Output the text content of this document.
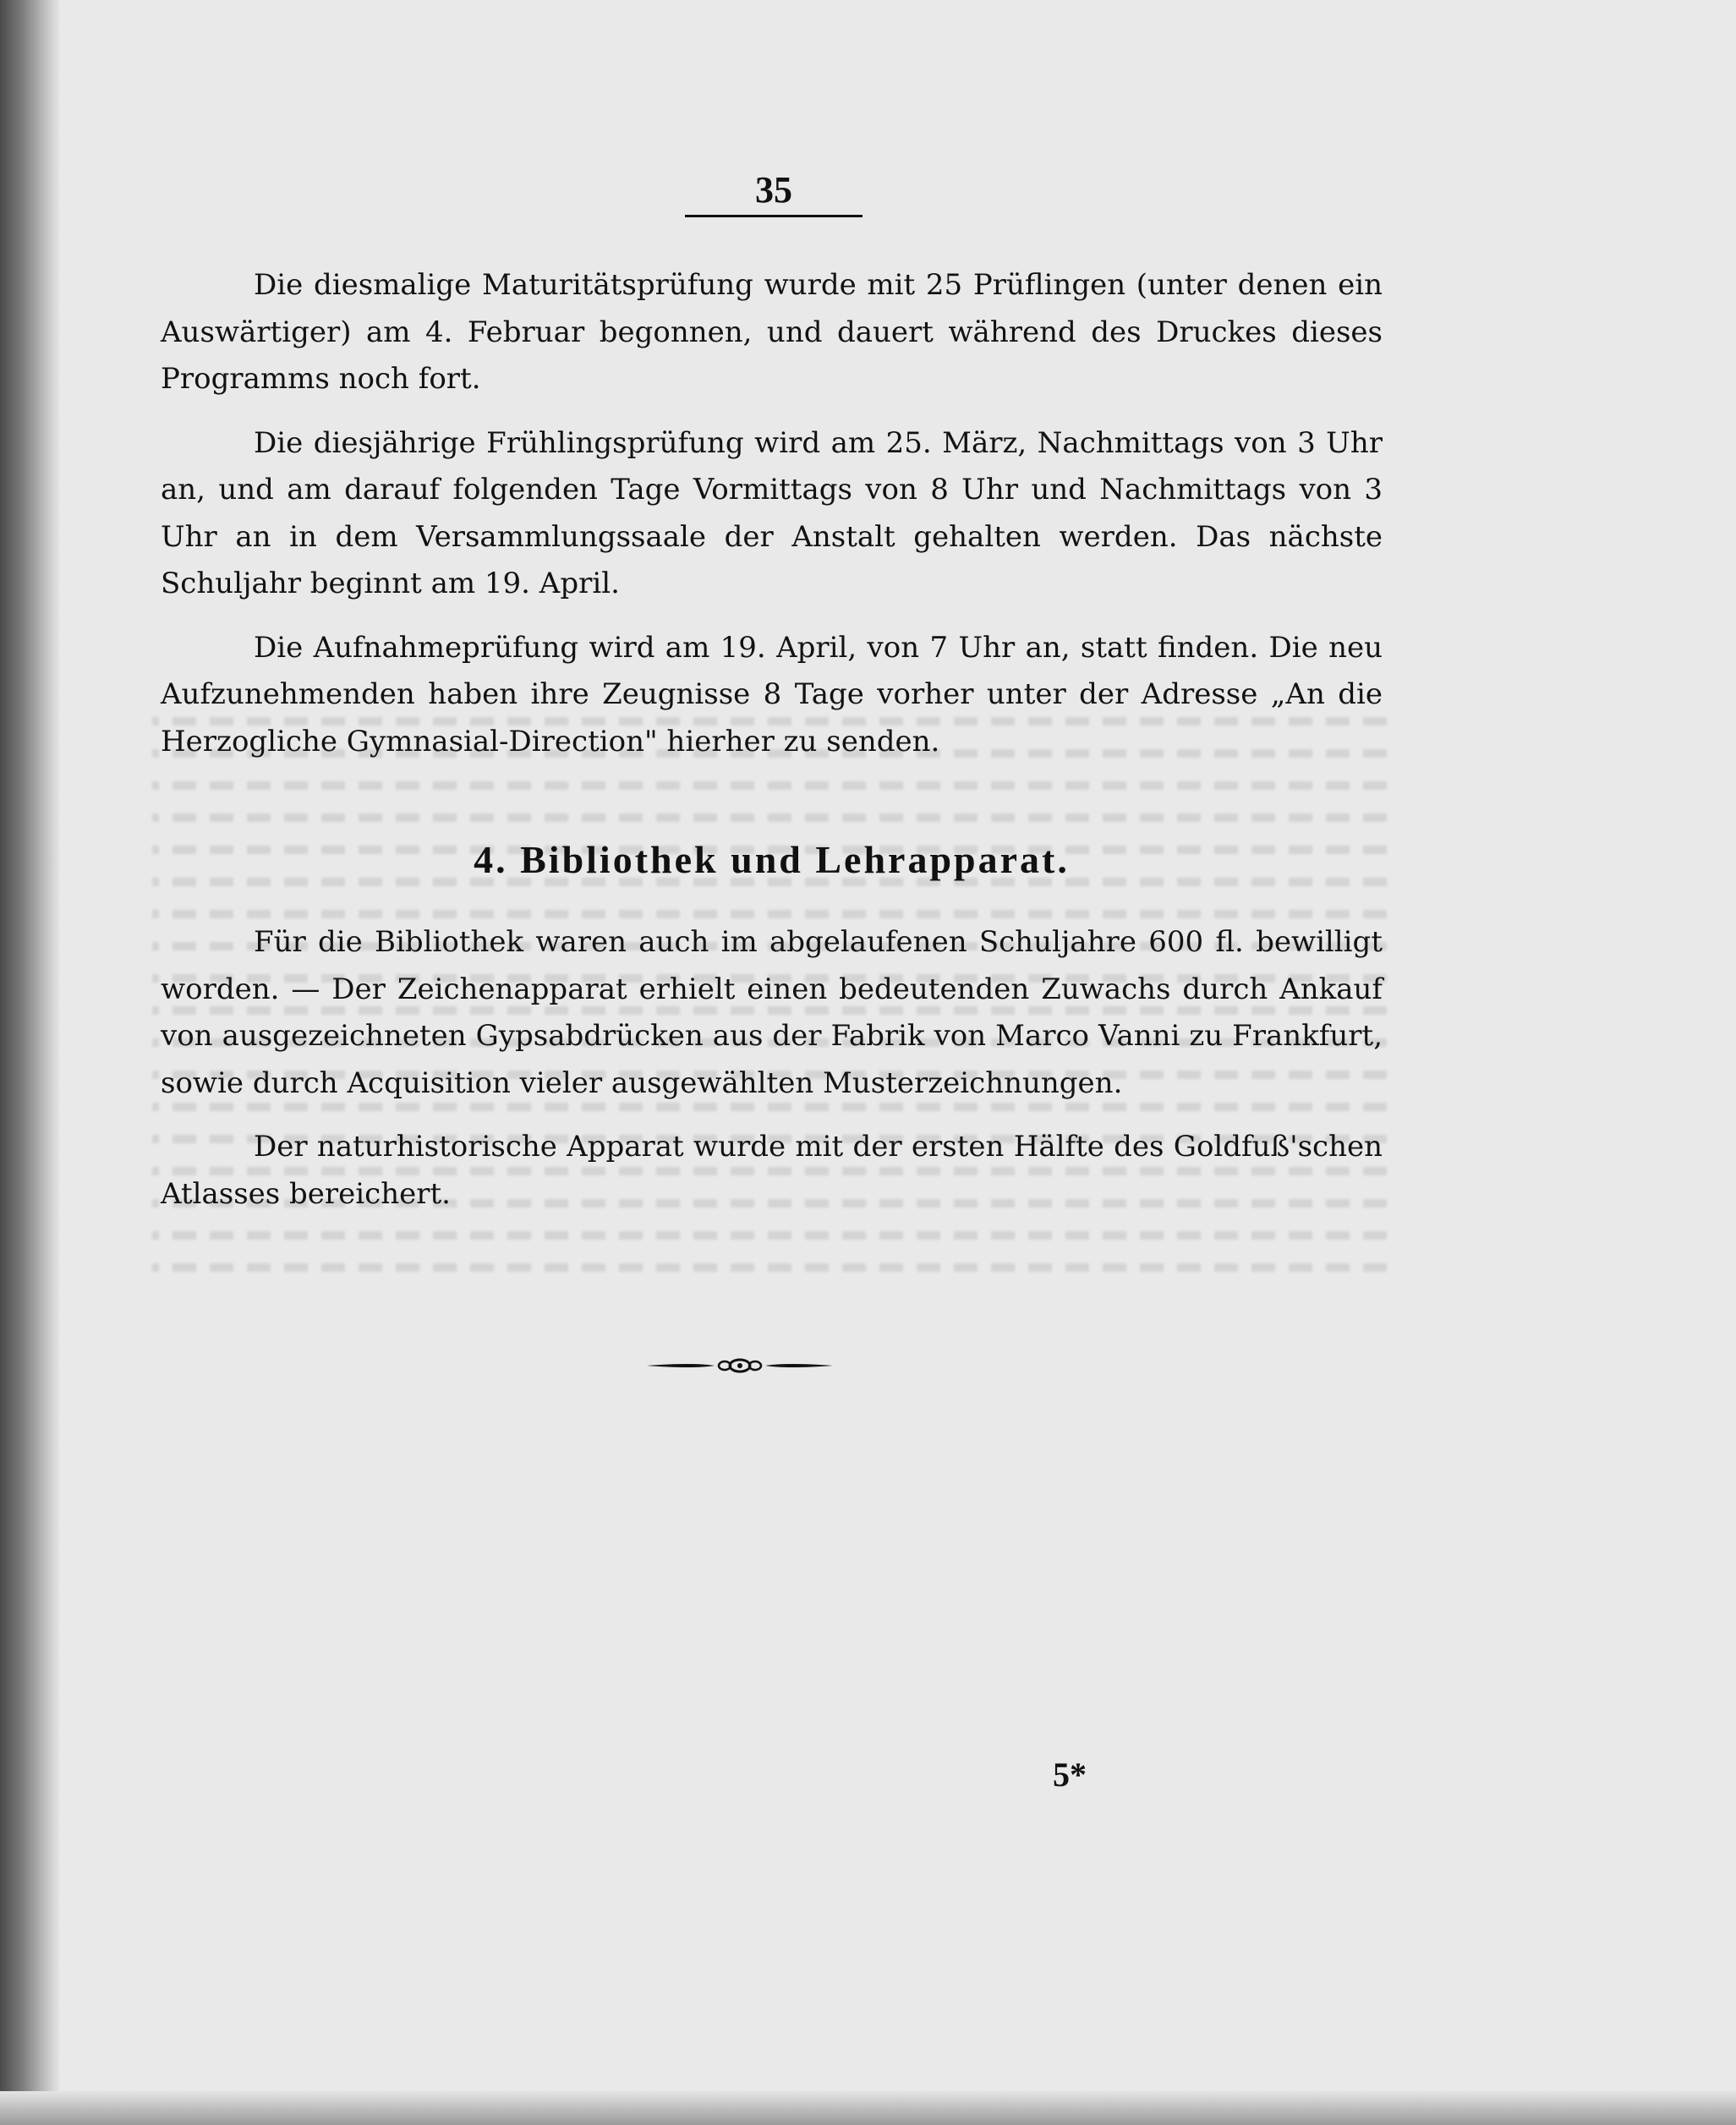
35

Die diesmalige Maturitätsprüfung wurde mit 25 Prüflingen (unter denen ein Auswärtiger) am 4. Februar begonnen, und dauert während des Druckes dieses Programms noch fort.

Die diesjährige Frühlingsprüfung wird am 25. März, Nachmittags von 3 Uhr an, und am darauf folgenden Tage Vormittags von 8 Uhr und Nachmittags von 3 Uhr an in dem Versammlungssaale der Anstalt gehalten werden. Das nächste Schuljahr beginnt am 19. April.

Die Aufnahmeprüfung wird am 19. April, von 7 Uhr an, statt finden. Die neu Aufzunehmenden haben ihre Zeugnisse 8 Tage vorher unter der Adresse „An die Herzogliche Gymnasial-Direction" hierher zu senden.

4. Bibliothek und Lehrapparat.

Für die Bibliothek waren auch im abgelaufenen Schuljahre 600 fl. bewilligt worden. — Der Zeichenapparat erhielt einen bedeutenden Zuwachs durch Ankauf von ausgezeichneten Gypsabdrücken aus der Fabrik von Marco Vanni zu Frankfurt, sowie durch Acquisition vieler ausgewählten Musterzeichnungen.

Der naturhistorische Apparat wurde mit der ersten Hälfte des Goldfuß'schen Atlasses bereichert.

5*
